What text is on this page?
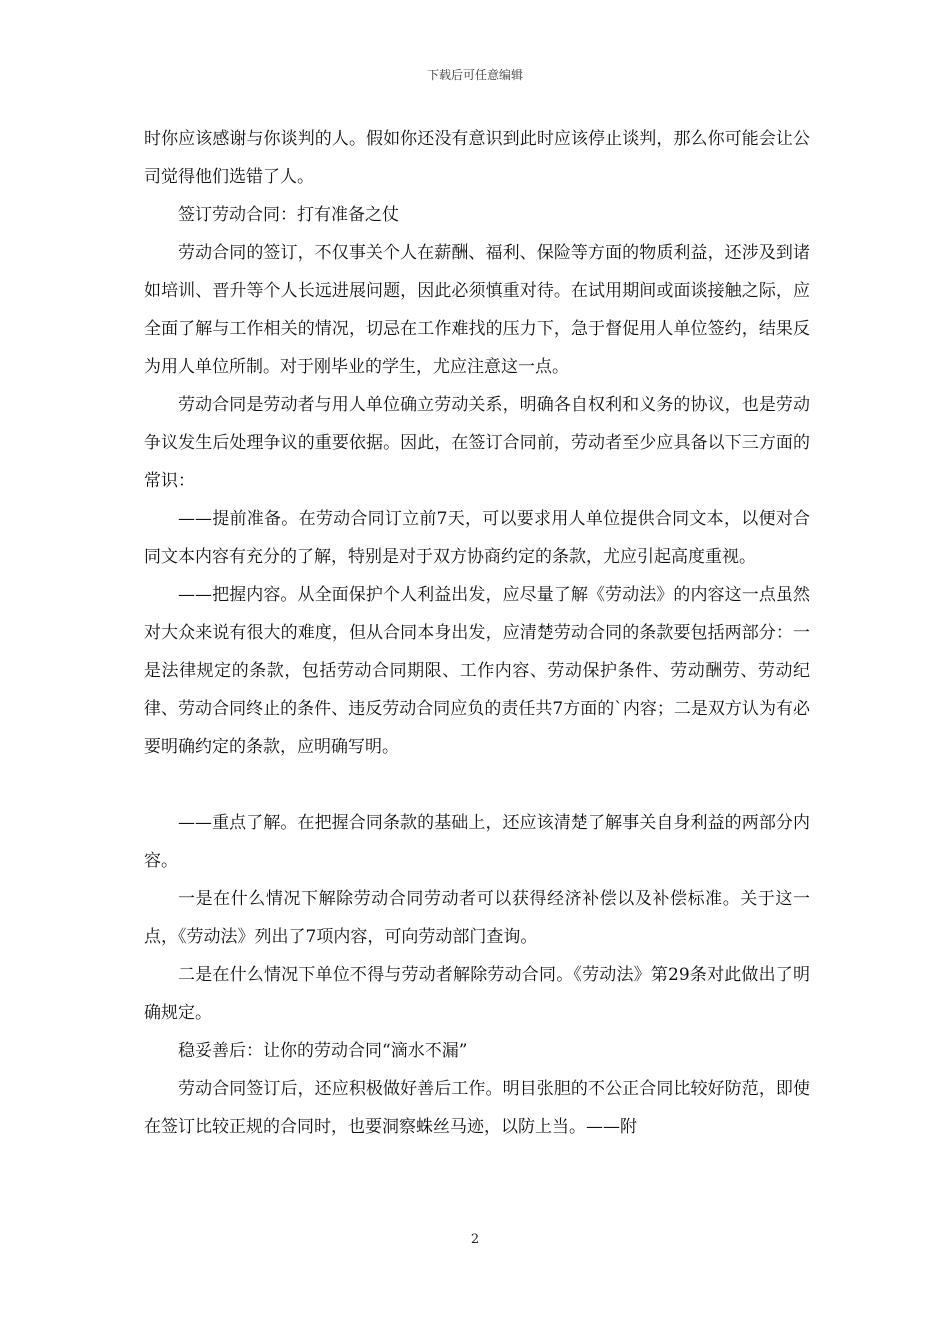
下载后可任意编辑

时你应该感谢与你谈判的人。假如你还没有意识到此时应该停止谈判，那么你可能会让公司觉得他们选错了人。

签订劳动合同：打有准备之仗

劳动合同的签订，不仅事关个人在薪酬、福利、保险等方面的物质利益，还涉及到诸如培训、晋升等个人长远进展问题，因此必须慎重对待。在试用期间或面谈接触之际，应全面了解与工作相关的情况，切忌在工作难找的压力下，急于督促用人单位签约，结果反为用人单位所制。对于刚毕业的学生，尤应注意这一点。

劳动合同是劳动者与用人单位确立劳动关系，明确各自权利和义务的协议，也是劳动争议发生后处理争议的重要依据。因此，在签订合同前，劳动者至少应具备以下三方面的常识：

——提前准备。在劳动合同订立前7天，可以要求用人单位提供合同文本，以便对合同文本内容有充分的了解，特别是对于双方协商约定的条款，尤应引起高度重视。

——把握内容。从全面保护个人利益出发，应尽量了解《劳动法》的内容这一点虽然对大众来说有很大的难度，但从合同本身出发，应清楚劳动合同的条款要包括两部分：一是法律规定的条款，包括劳动合同期限、工作内容、劳动保护条件、劳动酬劳、劳动纪律、劳动合同终止的条件、违反劳动合同应负的责任共7方面的`内容；二是双方认为有必要明确约定的条款，应明确写明。

——重点了解。在把握合同条款的基础上，还应该清楚了解事关自身利益的两部分内容。

一是在什么情况下解除劳动合同劳动者可以获得经济补偿以及补偿标准。关于这一点，《劳动法》列出了7项内容，可向劳动部门查询。

二是在什么情况下单位不得与劳动者解除劳动合同。《劳动法》第29条对此做出了明确规定。

稳妥善后：让你的劳动合同“滴水不漏”

劳动合同签订后，还应积极做好善后工作。明目张胆的不公正合同比较好防范，即使在签订比较正规的合同时，也要洞察蛛丝马迹，以防上当。——附

2
